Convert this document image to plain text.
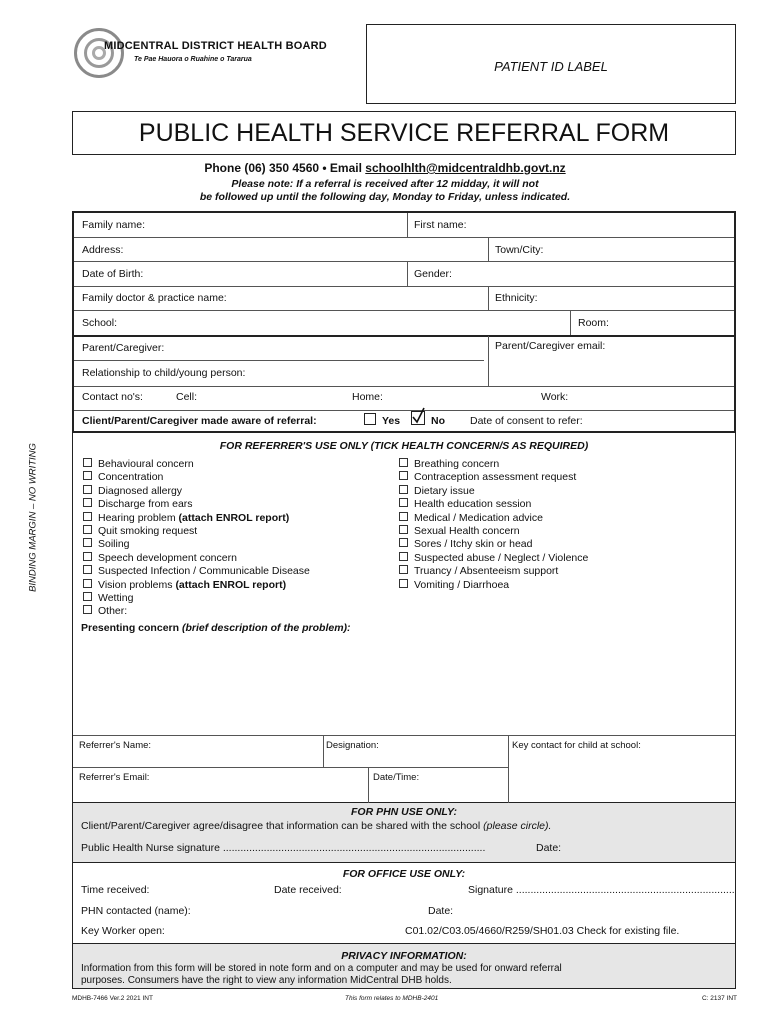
MIDCENTRAL DISTRICT HEALTH BOARD
Te Pae Hauora o Ruahine o Tararua	PATIENT ID LABEL
PUBLIC HEALTH SERVICE REFERRAL FORM
Phone (06) 350 4560 • Email schoolhlth@midcentraldhb.govt.nz
Please note: If a referral is received after 12 midday, it will not
be followed up until the following day, Monday to Friday, unless indicated.
Family name:	First name:
Address:	Town/City:
Date of Birth:	Gender:
Family doctor & practice name:	Ethnicity:
School:	Room:
Parent/Caregiver:	Parent/Caregiver email:
Relationship to child/young person:
Contact no's:	Cell:	Home:	Work:
Client/Parent/Caregiver made aware of referral:	Yes	No Date of consent to refer:
FOR REFERRER'S USE ONLY (TICK HEALTH CONCERN/S AS REQUIRED)
Behavioural concern
Concentration
Diagnosed allergy
Discharge from ears
Hearing problem (attach ENROL report)
Quit smoking request
Soiling
Speech development concern
Suspected Infection / Communicable Disease
Vision problems (attach ENROL report)
Wetting
Other:
Breathing concern
Contraception assessment request
Dietary issue
Health education session
Medical / Medication advice
Sexual Health concern
Sores / Itchy skin or head
Suspected abuse / Neglect / Violence
Truancy / Absenteeism support
Vomiting / Diarrhoea
Presenting concern (brief description of the problem):
Referrer's Name:	Designation:	Key contact for child at school:
Referrer's Email:	Date/Time:
FOR PHN USE ONLY:
Client/Parent/Caregiver agree/disagree that information can be shared with the school (please circle).
Public Health Nurse signature ..........................................................................................	Date:
FOR OFFICE USE ONLY:
Time received:	Date received:	Signature ...........................................................................
PHN contacted (name):	Date:
Key Worker open:	C01.02/C03.05/4660/R259/SH01.03 Check for existing file.
PRIVACY INFORMATION:
Information from this form will be stored in note form and on a computer and may be used for onward referral
purposes. Consumers have the right to view any information MidCentral DHB holds.
MDHB-7466 Ver.2 2021 INT	This form relates to MDHB-2401	C: 2137 INT
BINDING MARGIN – NO WRITING
